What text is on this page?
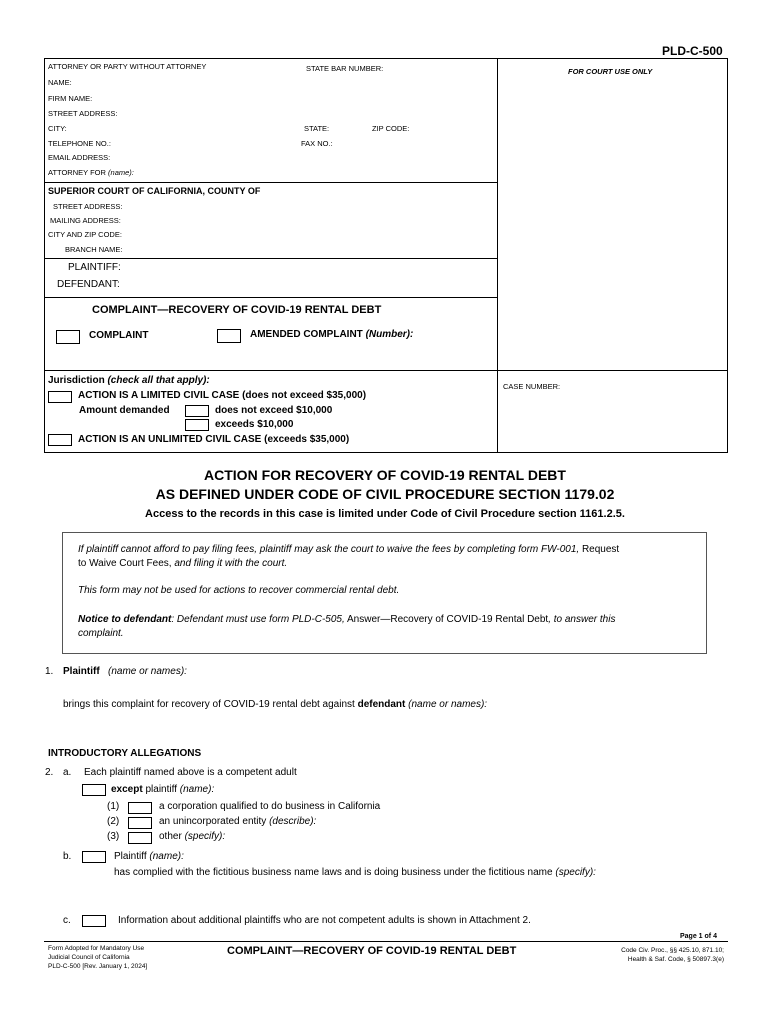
PLD-C-500
ATTORNEY OR PARTY WITHOUT ATTORNEY	STATE BAR NUMBER:	FOR COURT USE ONLY
NAME:
FIRM NAME:
STREET ADDRESS:
CITY:	STATE:	ZIP CODE:
TELEPHONE NO.:	FAX NO.:
EMAIL ADDRESS:
ATTORNEY FOR (name):
SUPERIOR COURT OF CALIFORNIA, COUNTY OF
STREET ADDRESS:
MAILING ADDRESS:
CITY AND ZIP CODE:
BRANCH NAME:
PLAINTIFF:
DEFENDANT:
COMPLAINT—RECOVERY OF COVID-19 RENTAL DEBT
COMPLAINT	AMENDED COMPLAINT (Number):
Jurisdiction (check all that apply):
CASE NUMBER:
ACTION IS A LIMITED CIVIL CASE (does not exceed $35,000)
Amount demanded	does not exceed $10,000
exceeds $10,000
ACTION IS AN UNLIMITED CIVIL CASE (exceeds $35,000)
ACTION FOR RECOVERY OF COVID-19 RENTAL DEBT
AS DEFINED UNDER CODE OF CIVIL PROCEDURE SECTION 1179.02
Access to the records in this case is limited under Code of Civil Procedure section 1161.2.5.
If plaintiff cannot afford to pay filing fees, plaintiff may ask the court to waive the fees by completing form FW-001, Request
to Waive Court Fees, and filing it with the court.
This form may not be used for actions to recover commercial rental debt.
Notice to defendant: Defendant must use form PLD-C-505, Answer—Recovery of COVID-19 Rental Debt, to answer this
complaint.
1. Plaintiff (name or names):
brings this complaint for recovery of COVID-19 rental debt against defendant (name or names):
INTRODUCTORY ALLEGATIONS
2. a. Each plaintiff named above is a competent adult
except plaintiff (name):
(1)	a corporation qualified to do business in California
(2)	an unincorporated entity (describe):
(3)	other (specify):
b.	Plaintiff (name):
has complied with the fictitious business name laws and is doing business under the fictitious name (specify):
c.	Information about additional plaintiffs who are not competent adults is shown in Attachment 2.
Page 1 of 4
Form Adopted for Mandatory Use
Judicial Council of California
PLD-C-500 [Rev. January 1, 2024]
COMPLAINT—RECOVERY OF COVID-19 RENTAL DEBT	Code Civ. Proc., §§ 425.10, 871.10;
Health & Saf. Code, § 50897.3(e)
